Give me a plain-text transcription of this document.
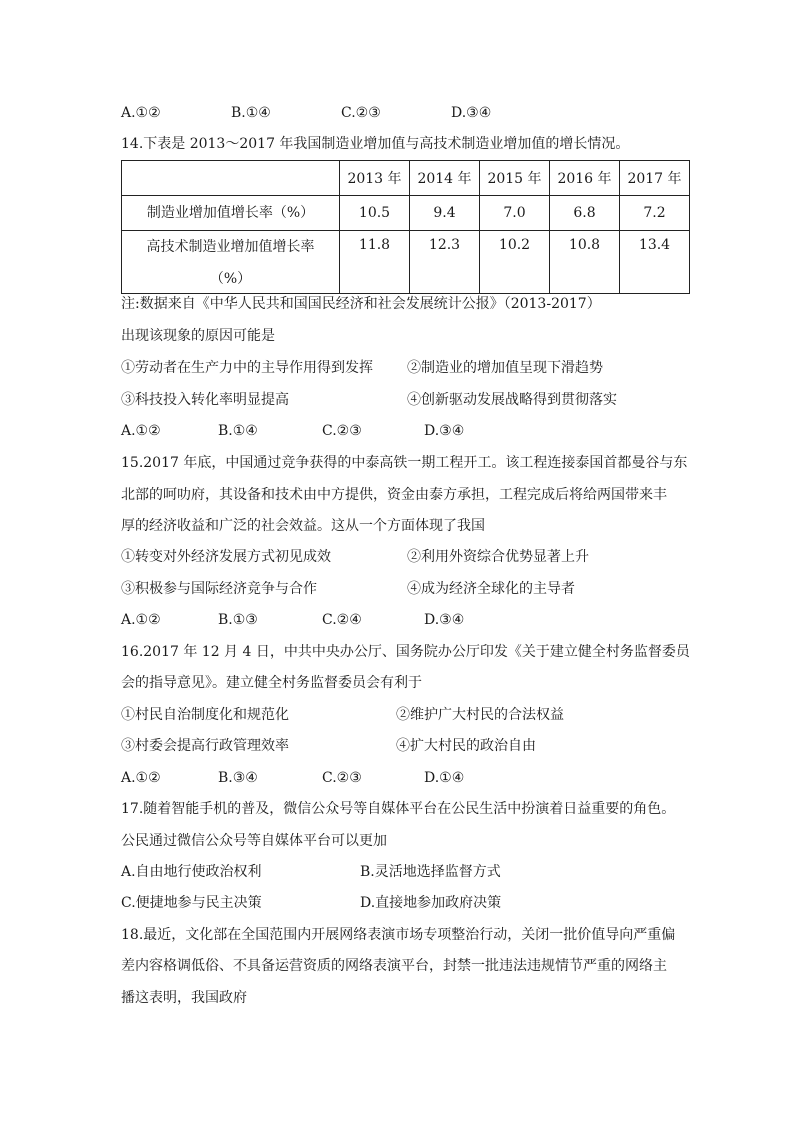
A.①②	B.①④	C.②③	D.③④
14.下表是 2013～2017 年我国制造业增加值与高技术制造业增加值的增长情况。
	2013 年	2014 年	2015 年	2016 年	2017 年
制造业增加值增长率（%）	10.5	9.4	7.0	6.8	7.2

高技术制造业增加值增长率
（%）	11.8	12.3	10.2	10.8	13.4
注:数据来自《中华人民共和国国民经济和社会发展统计公报》（2013-2017）
出现该现象的原因可能是
①劳动者在生产力中的主导作用得到发挥 ②制造业的增加值呈现下滑趋势
③科技投入转化率明显提高	④创新驱动发展战略得到贯彻落实
A.①②	B.①④	C.②③	D.③④
15.2017 年底，中国通过竞争获得的中泰高铁一期工程开工。该工程连接泰国首都曼谷与东
北部的呵叻府，其设备和技术由中方提供，资金由泰方承担，工程完成后将给两国带来丰
厚的经济收益和广泛的社会效益。这从一个方面体现了我国
①转变对外经济发展方式初见成效	②利用外资综合优势显著上升
③积极参与国际经济竞争与合作	④成为经济全球化的主导者
A.①②	B.①③	C.②④	D.③④
16.2017 年 12 月 4 日，中共中央办公厅、国务院办公厅印发《关于建立健全村务监督委员
会的指导意见》。建立健全村务监督委员会有利于
①村民自治制度化和规范化	②维护广大村民的合法权益
③村委会提高行政管理效率	④扩大村民的政治自由
A.①②	B.③④	C.②③	D.①④
17.随着智能手机的普及，微信公众号等自媒体平台在公民生活中扮演着日益重要的角色。
公民通过微信公众号等自媒体平台可以更加
A.自由地行使政治权利	B.灵活地选择监督方式
C.便捷地参与民主决策	D.直接地参加政府决策
18.最近，文化部在全国范围内开展网络表演市场专项整治行动，关闭一批价值导向严重偏
差内容格调低俗、不具备运营资质的网络表演平台，封禁一批违法违规情节严重的网络主
播这表明，我国政府
